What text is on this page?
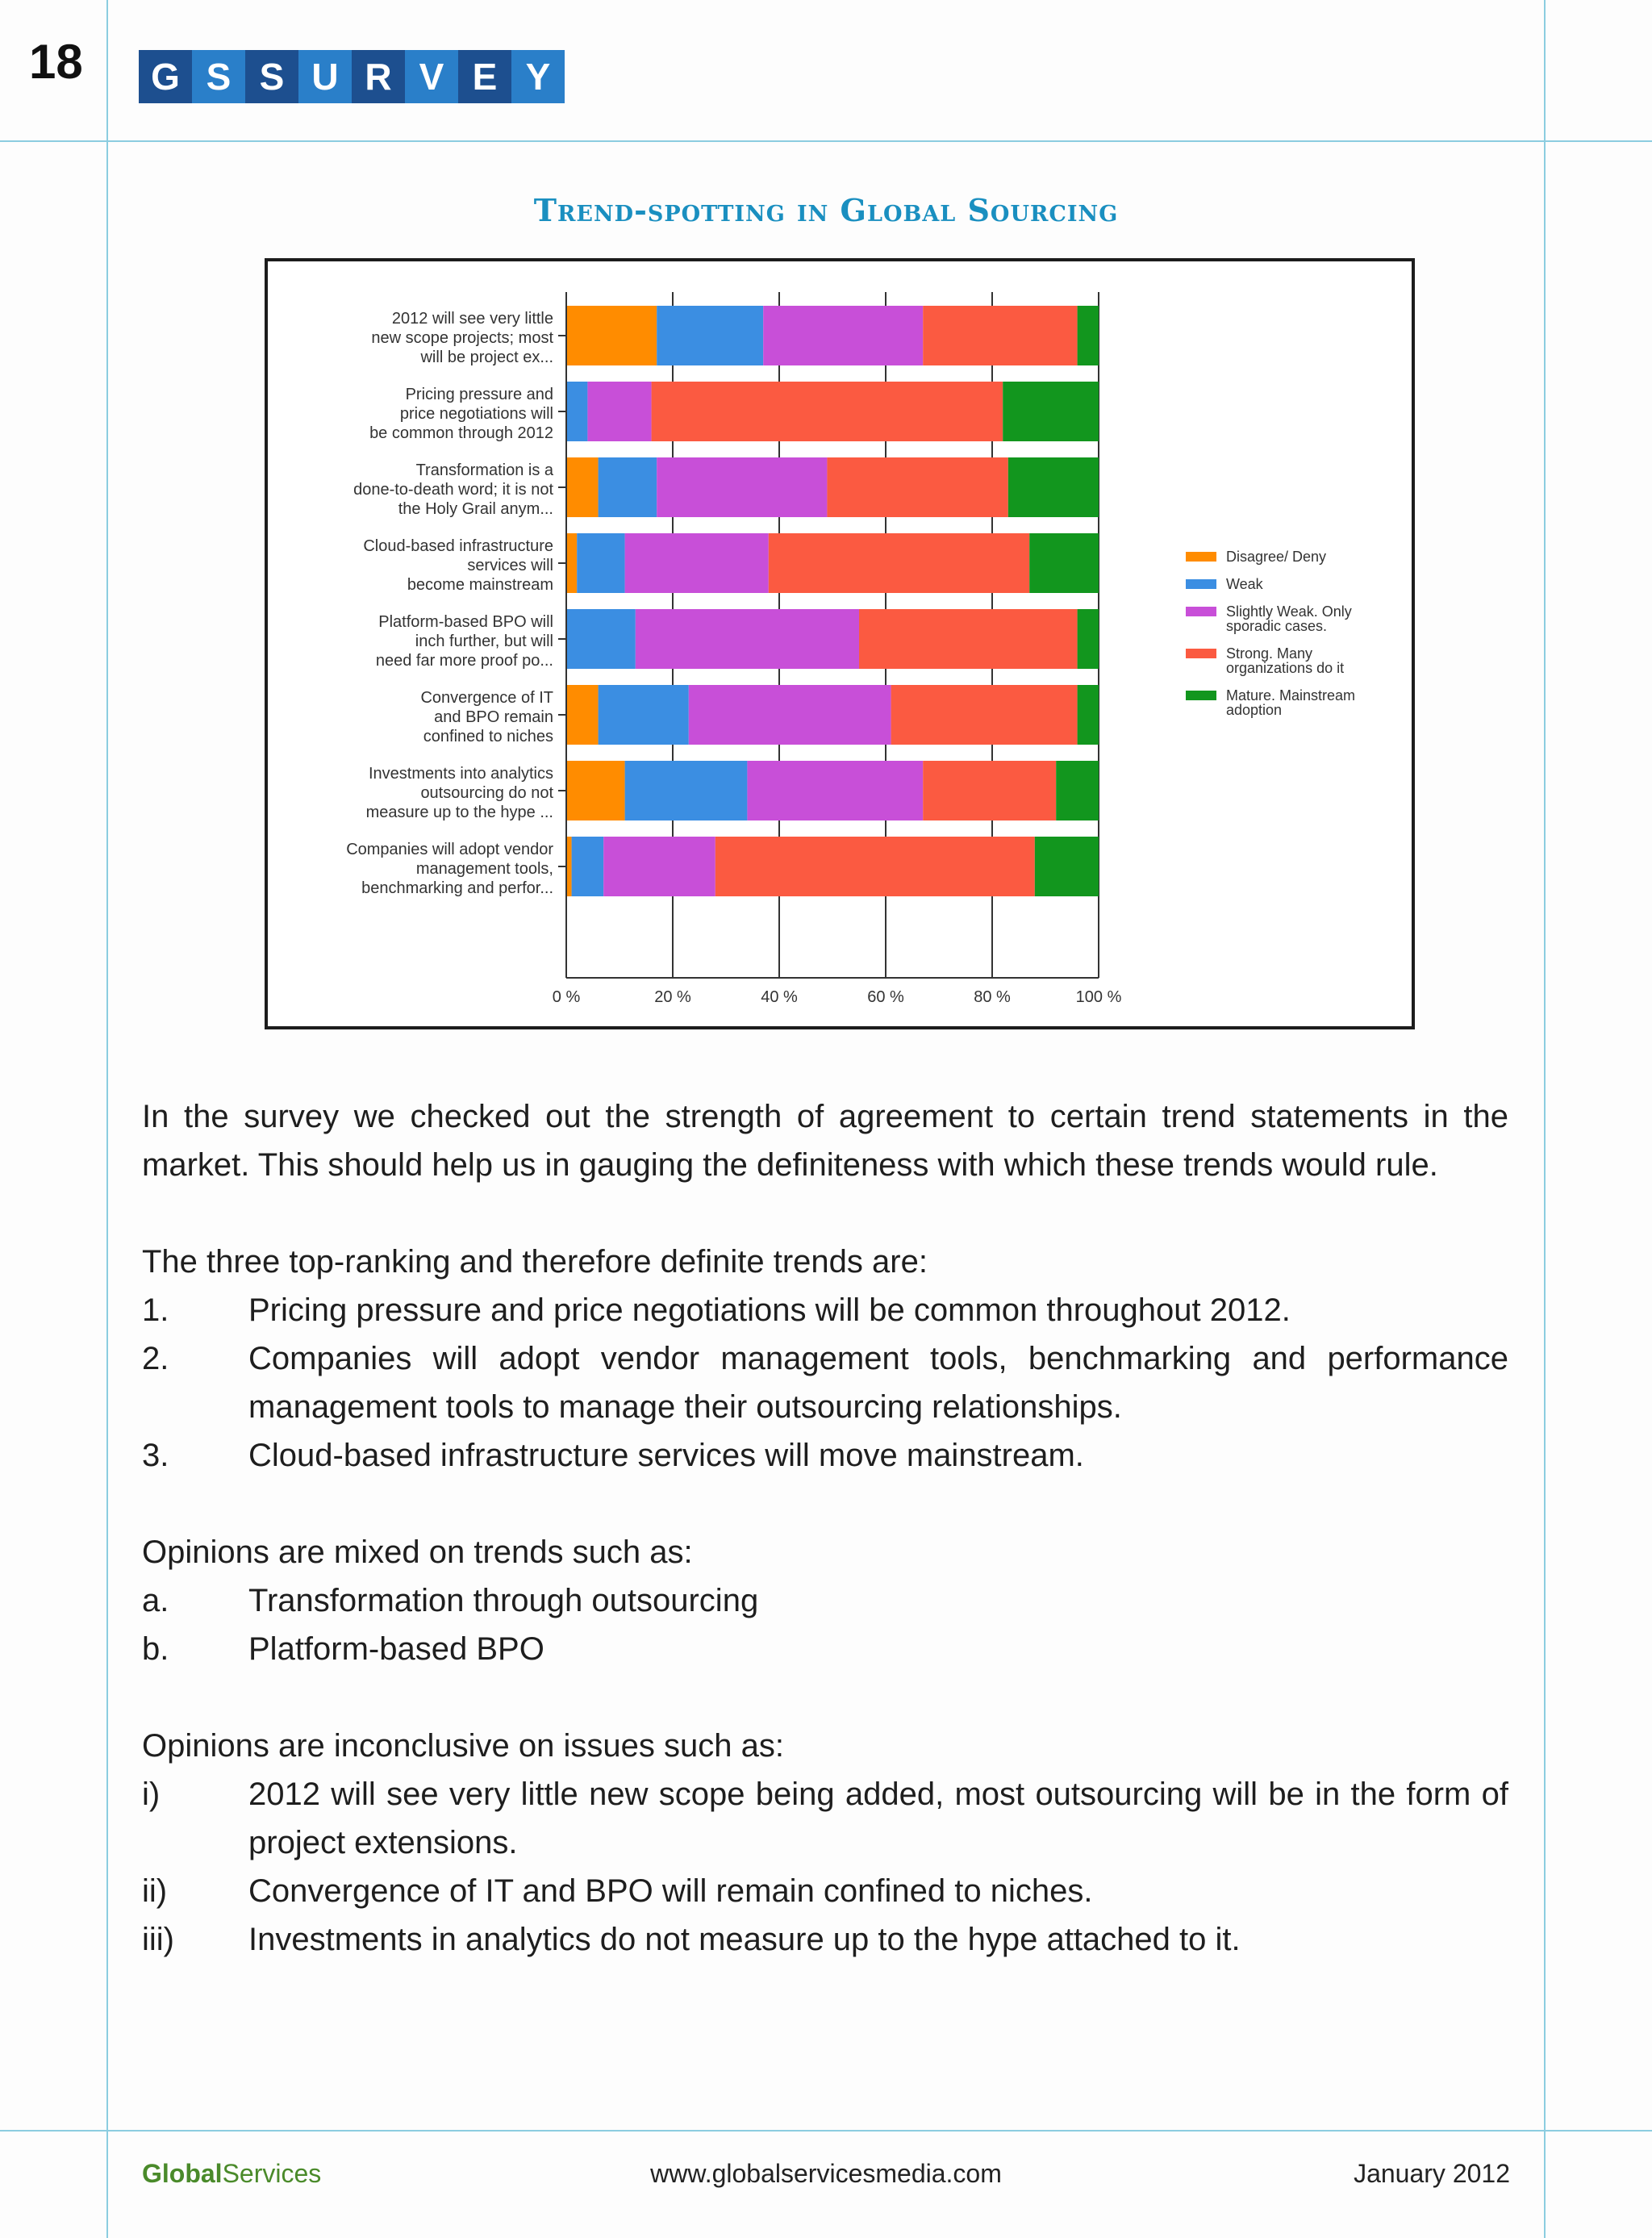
18	G S S U R V E Y
Trend-spotting in Global Sourcing
0 %	20 %	40 %	60 %	80 %	100 %
2012 will see very little
new scope projects; most
will be project ex...
Pricing pressure and
price negotiations will
be common through 2012
Transformation is a
done-to-death word; it is not
the Holy Grail anym...
Cloud-based infrastructure
services will
become mainstream
Platform-based BPO will
inch further, but will
need far more proof po...
Convergence of IT
and BPO remain
confined to niches
Investments into analytics
outsourcing do not
measure up to the hype ...
Companies will adopt vendor
management tools,
benchmarking and perfor...
Disagree/ Deny
Weak
Slightly Weak. Only
sporadic cases.
Strong. Many
organizations do it
Mature. Mainstream
adoption

In the survey we checked out the strength of agreement to certain trend statements in the market. This should help us in gauging the definiteness with which these trends would rule.

The three top-ranking and therefore definite trends are:

1.	Pricing pressure and price negotiations will be common throughout 2012.
2.	Companies will adopt vendor management tools, benchmarking and performance management tools to manage their outsourcing relationships.
3.	Cloud-based infrastructure services will move mainstream.

Opinions are mixed on trends such as:

a.	Transformation through outsourcing
b.	Platform-based BPO

Opinions are inconclusive on issues such as:

i)	2012 will see very little new scope being added, most outsourcing will be in the form of project extensions.
ii)	Convergence of IT and BPO will remain confined to niches.
iii)	Investments in analytics do not measure up to the hype attached to it.
GlobalServices	www.globalservicesmedia.com	January 2012
